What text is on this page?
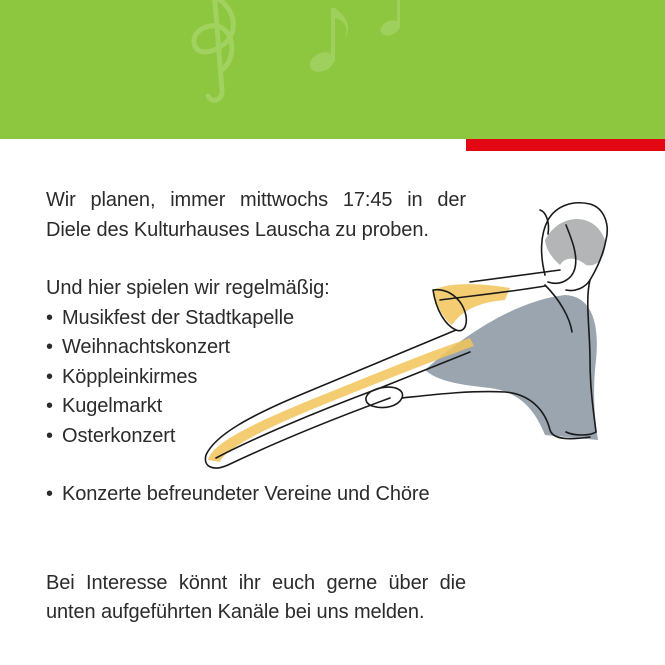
Wir planen, immer mittwochs 17:45 in der

Diele des Kulturhauses Lauscha zu proben.

Und hier spielen wir regelmäßig:

• Musikfest der Stadtkapelle
• Weihnachtskonzert
• Köppleinkirmes
• Kugelmarkt
• Osterkonzert
• Konzerte befreundeter Vereine und Chöre

Bei Interesse könnt ihr euch gerne über die

unten aufgeführten Kanäle bei uns melden.
